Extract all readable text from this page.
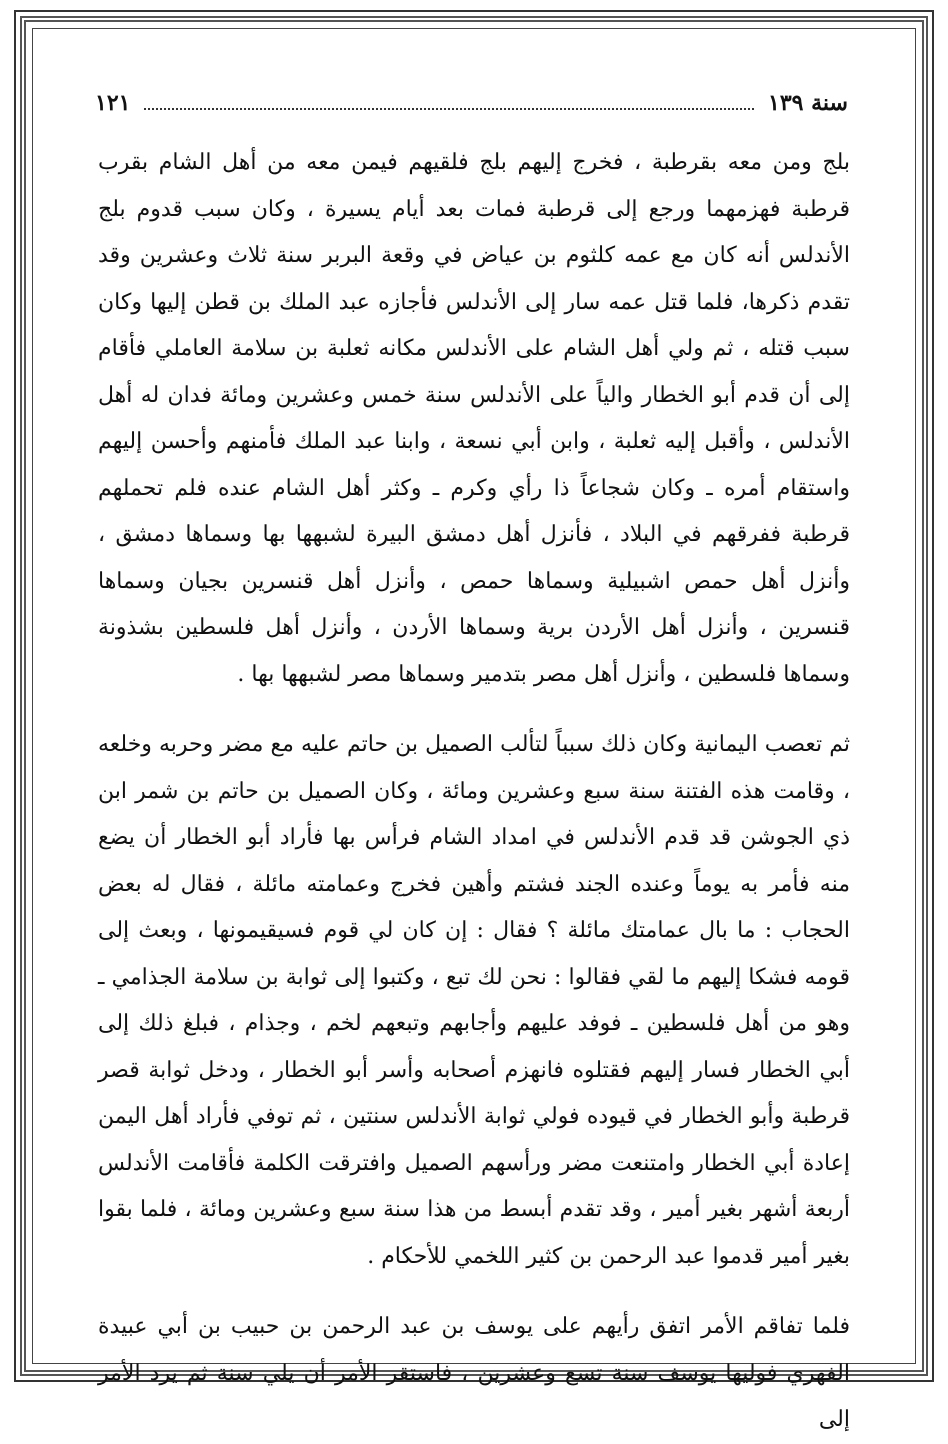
سنة ١٣٩
١٢١

بلج ومن معه بقرطبة ، فخرج إليهم بلج فلقيهم فيمن معه من أهل الشام بقرب قرطبة فهزمهما ورجع إلى قرطبة فمات بعد أيام يسيرة ، وكان سبب قدوم بلج الأندلس أنه كان مع عمه كلثوم بن عياض في وقعة البربر سنة ثلاث وعشرين وقد تقدم ذكرها، فلما قتل عمه سار إلى الأندلس فأجازه عبد الملك بن قطن إليها وكان سبب قتله ، ثم ولي أهل الشام على الأندلس مكانه ثعلبة بن سلامة العاملي فأقام إلى أن قدم أبو الخطار والياً على الأندلس سنة خمس وعشرين ومائة فدان له أهل الأندلس ، وأقبل إليه ثعلبة ، وابن أبي نسعة ، وابنا عبد الملك فأمنهم وأحسن إليهم واستقام أمره ـ وكان شجاعاً ذا رأي وكرم ـ وكثر أهل الشام عنده فلم تحملهم قرطبة ففرقهم في البلاد ، فأنزل أهل دمشق البيرة لشبهها بها وسماها دمشق ، وأنزل أهل حمص اشبيلية وسماها حمص ، وأنزل أهل قنسرين بجيان وسماها قنسرين ، وأنزل أهل الأردن برية وسماها الأردن ، وأنزل أهل فلسطين بشذونة وسماها فلسطين ، وأنزل أهل مصر بتدمير وسماها مصر لشبهها بها .

ثم تعصب اليمانية وكان ذلك سبباً لتألب الصميل بن حاتم عليه مع مضر وحربه وخلعه ، وقامت هذه الفتنة سنة سبع وعشرين ومائة ، وكان الصميل بن حاتم بن شمر ابن ذي الجوشن قد قدم الأندلس في امداد الشام فرأس بها فأراد أبو الخطار أن يضع منه فأمر به يوماً وعنده الجند فشتم وأهين فخرج وعمامته مائلة ، فقال له بعض الحجاب : ما بال عمامتك مائلة ؟ فقال : إن كان لي قوم فسيقيمونها ، وبعث إلى قومه فشكا إليهم ما لقي فقالوا : نحن لك تبع ، وكتبوا إلى ثوابة بن سلامة الجذامي ـ وهو من أهل فلسطين ـ فوفد عليهم وأجابهم وتبعهم لخم ، وجذام ، فبلغ ذلك إلى أبي الخطار فسار إليهم فقتلوه فانهزم أصحابه وأسر أبو الخطار ، ودخل ثوابة قصر قرطبة وأبو الخطار في قيوده فولي ثوابة الأندلس سنتين ، ثم توفي فأراد أهل اليمن إعادة أبي الخطار وامتنعت مضر ورأسهم الصميل وافترقت الكلمة فأقامت الأندلس أربعة أشهر بغير أمير ، وقد تقدم أبسط من هذا سنة سبع وعشرين ومائة ، فلما بقوا بغير أمير قدموا عبد الرحمن بن كثير اللخمي للأحكام .

فلما تفاقم الأمر اتفق رأيهم على يوسف بن عبد الرحمن بن حبيب بن أبي عبيدة الفهري فوليها يوسف سنة تسع وعشرين ، فاستقر الأمر أن يلي سنة ثم يرد الأمر إلى
